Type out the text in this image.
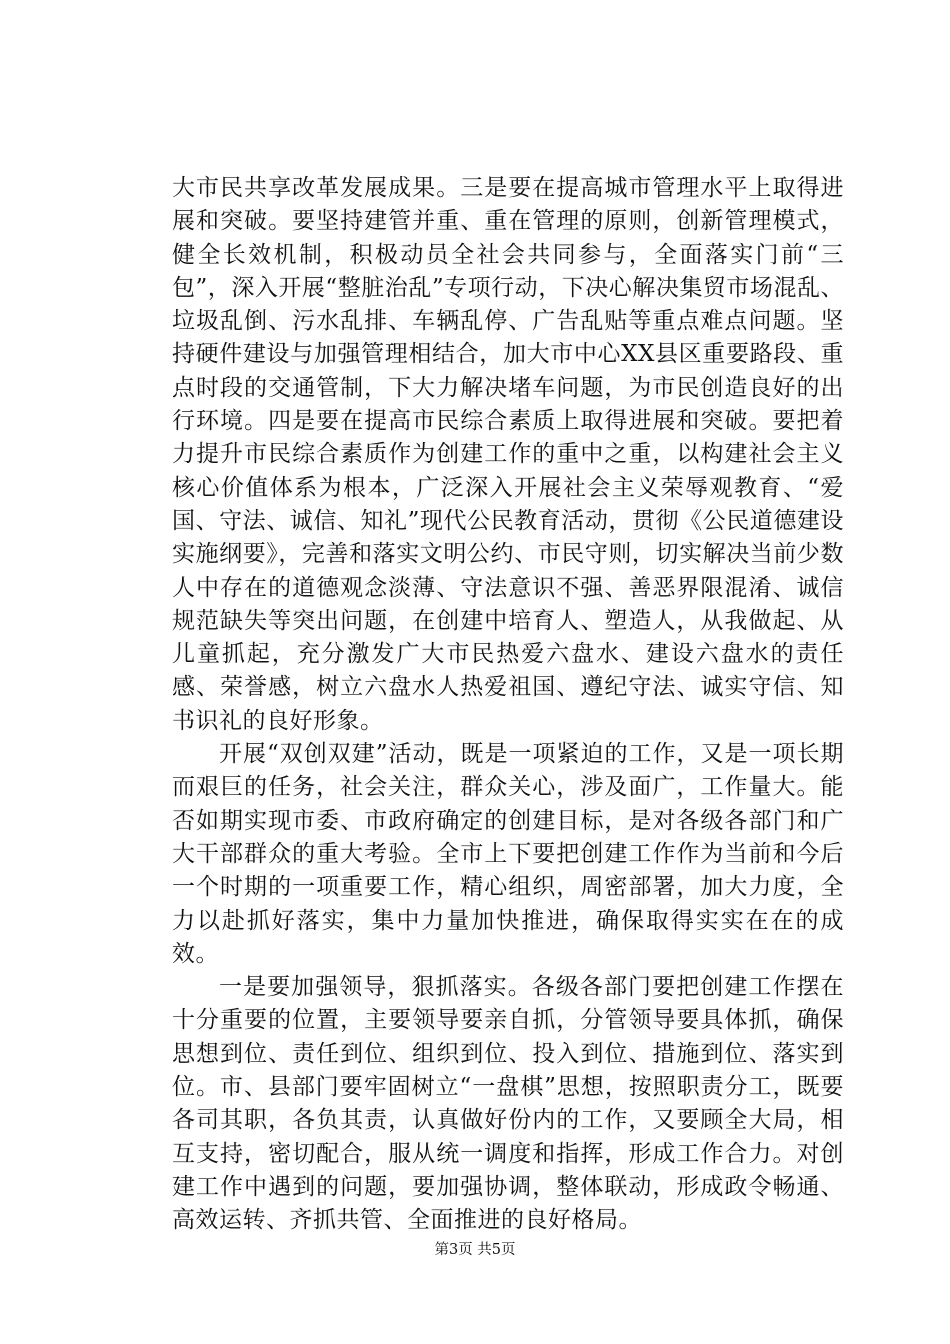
大市民共享改革发展成果。三是要在提高城市管理水平上取得进展和突破。要坚持建管并重、重在管理的原则，创新管理模式，健全长效机制，积极动员全社会共同参与，全面落实门前“三包”，深入开展“整脏治乱”专项行动，下决心解决集贸市场混乱、垃圾乱倒、污水乱排、车辆乱停、广告乱贴等重点难点问题。坚持硬件建设与加强管理相结合，加大市中心XX县区重要路段、重点时段的交通管制，下大力解决堵车问题，为市民创造良好的出行环境。四是要在提高市民综合素质上取得进展和突破。要把着力提升市民综合素质作为创建工作的重中之重，以构建社会主义核心价值体系为根本，广泛深入开展社会主义荣辱观教育、“爱国、守法、诚信、知礼”现代公民教育活动，贯彻《公民道德建设实施纲要》，完善和落实文明公约、市民守则，切实解决当前少数人中存在的道德观念淡薄、守法意识不强、善恶界限混淆、诚信规范缺失等突出问题，在创建中培育人、塑造人，从我做起、从儿童抓起，充分激发广大市民热爱六盘水、建设六盘水的责任感、荣誉感，树立六盘水人热爱祖国、遵纪守法、诚实守信、知书识礼的良好形象。

开展“双创双建”活动，既是一项紧迫的工作，又是一项长期而艰巨的任务，社会关注，群众关心，涉及面广，工作量大。能否如期实现市委、市政府确定的创建目标，是对各级各部门和广大干部群众的重大考验。全市上下要把创建工作作为当前和今后一个时期的一项重要工作，精心组织，周密部署，加大力度，全力以赴抓好落实，集中力量加快推进，确保取得实实在在的成效。

一是要加强领导，狠抓落实。各级各部门要把创建工作摆在十分重要的位置，主要领导要亲自抓，分管领导要具体抓，确保思想到位、责任到位、组织到位、投入到位、措施到位、落实到位。市、县部门要牢固树立“一盘棋”思想，按照职责分工，既要各司其职，各负其责，认真做好份内的工作，又要顾全大局，相互支持，密切配合，服从统一调度和指挥，形成工作合力。对创建工作中遇到的问题，要加强协调，整体联动，形成政令畅通、高效运转、齐抓共管、全面推进的良好格局。

第3页 共5页
